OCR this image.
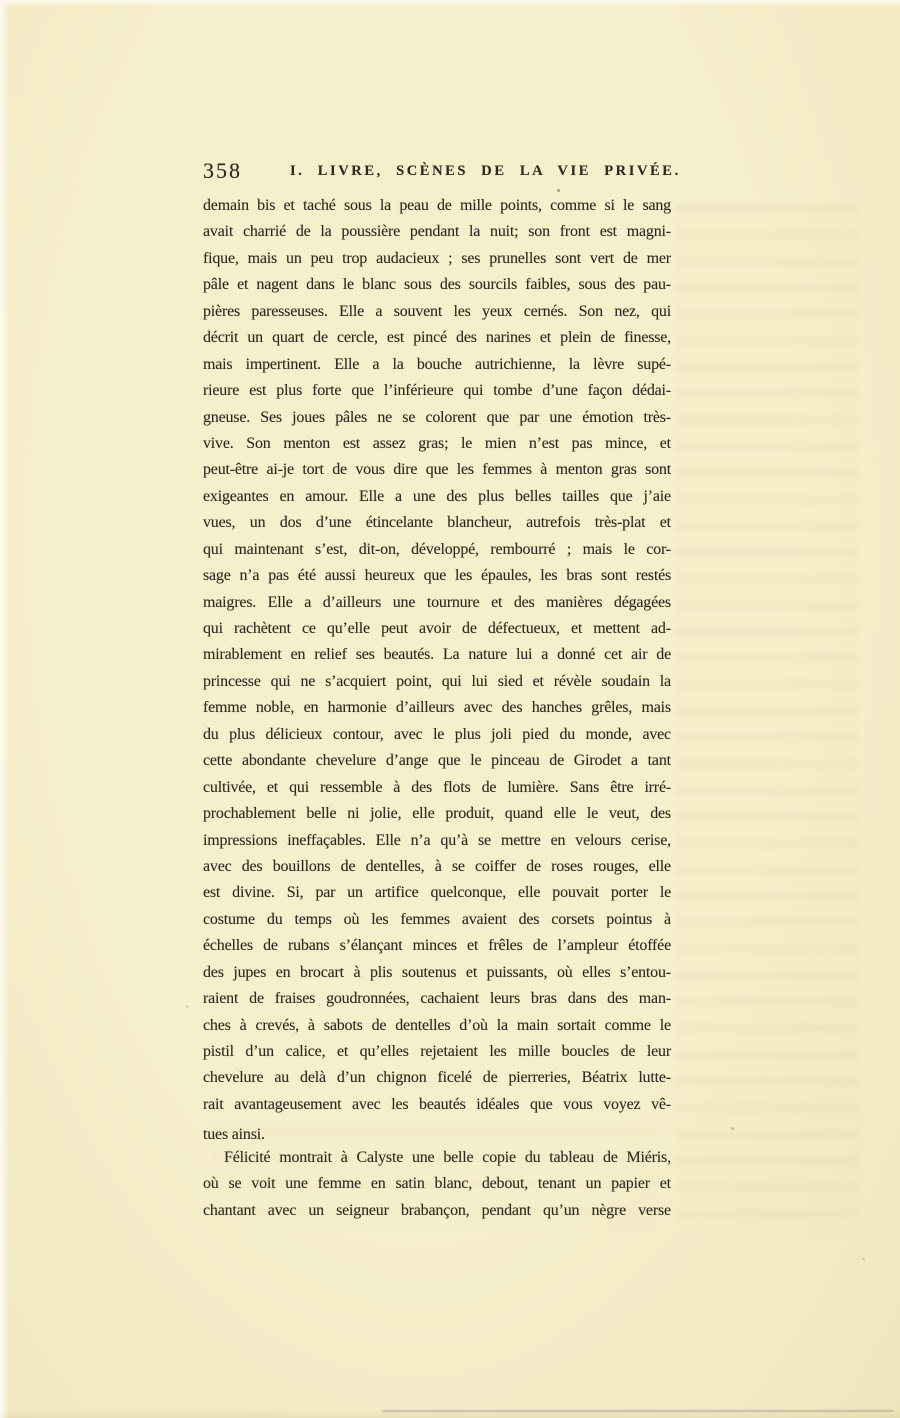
358	I. LIVRE, SCÈNES DE LA VIE PRIVÉE.
demain bis et taché sous la peau de mille points, comme si le sang
avait charrié de la poussière pendant la nuit; son front est magni-
fique, mais un peu trop audacieux ; ses prunelles sont vert de mer
pâle et nagent dans le blanc sous des sourcils faibles, sous des pau-
pières paresseuses. Elle a souvent les yeux cernés. Son nez, qui
décrit un quart de cercle, est pincé des narines et plein de finesse,
mais impertinent. Elle a la bouche autrichienne, la lèvre supé-
rieure est plus forte que l’inférieure qui tombe d’une façon dédai-
gneuse. Ses joues pâles ne se colorent que par une émotion très-
vive. Son menton est assez gras; le mien n’est pas mince, et
peut-être ai-je tort de vous dire que les femmes à menton gras sont
exigeantes en amour. Elle a une des plus belles tailles que j’aie
vues, un dos d’une étincelante blancheur, autrefois très-plat et
qui maintenant s’est, dit-on, développé, rembourré ; mais le cor-
sage n’a pas été aussi heureux que les épaules, les bras sont restés
maigres. Elle a d’ailleurs une tournure et des manières dégagées
qui rachètent ce qu’elle peut avoir de défectueux, et mettent ad-
mirablement en relief ses beautés. La nature lui a donné cet air de
princesse qui ne s’acquiert point, qui lui sied et révèle soudain la
femme noble, en harmonie d’ailleurs avec des hanches grêles, mais
du plus délicieux contour, avec le plus joli pied du monde, avec
cette abondante chevelure d’ange que le pinceau de Girodet a tant
cultivée, et qui ressemble à des flots de lumière. Sans être irré-
prochablement belle ni jolie, elle produit, quand elle le veut, des
impressions ineffaçables. Elle n’a qu’à se mettre en velours cerise,
avec des bouillons de dentelles, à se coiffer de roses rouges, elle
est divine. Si, par un artifice quelconque, elle pouvait porter le
costume du temps où les femmes avaient des corsets pointus à
échelles de rubans s’élançant minces et frêles de l’ampleur étoffée
des jupes en brocart à plis soutenus et puissants, où elles s’entou-
raient de fraises goudronnées, cachaient leurs bras dans des man-
ches à crevés, à sabots de dentelles d’où la main sortait comme le
pistil d’un calice, et qu’elles rejetaient les mille boucles de leur
chevelure au delà d’un chignon ficelé de pierreries, Béatrix lutte-
rait avantageusement avec les beautés idéales que vous voyez vê-
tues ainsi.
Félicité montrait à Calyste une belle copie du tableau de Miéris,
où se voit une femme en satin blanc, debout, tenant un papier et
chantant avec un seigneur brabançon, pendant qu’un nègre verse
